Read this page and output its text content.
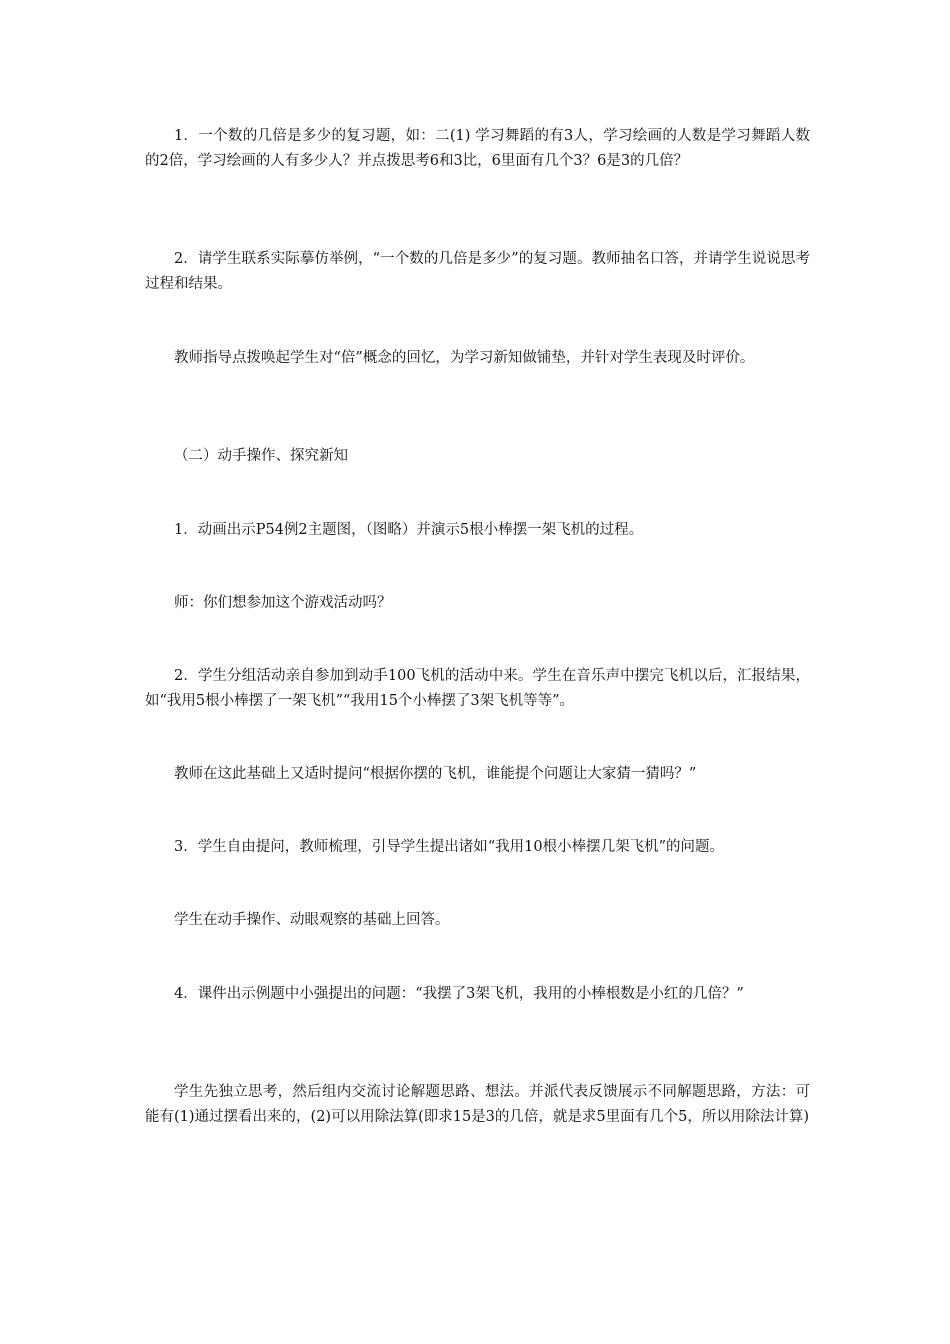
1．一个数的几倍是多少的复习题，如：二(1) 学习舞蹈的有3人，学习绘画的人数是学习舞蹈人数的2倍，学习绘画的人有多少人？并点拨思考6和3比，6里面有几个3？6是3的几倍？

2．请学生联系实际摹仿举例，“一个数的几倍是多少”的复习题。教师抽名口答，并请学生说说思考过程和结果。

教师指导点拨唤起学生对“倍”概念的回忆，为学习新知做铺垫，并针对学生表现及时评价。

（二）动手操作、探究新知

1．动画出示P54例2主题图，（图略）并演示5根小棒摆一架飞机的过程。

师：你们想参加这个游戏活动吗？

2．学生分组活动亲自参加到动手100飞机的活动中来。学生在音乐声中摆完飞机以后，汇报结果，如“我用5根小棒摆了一架飞机”“我用15个小棒摆了3架飞机等等”。

教师在这此基础上又适时提问“根据你摆的飞机，谁能提个问题让大家猜一猜吗？”

3．学生自由提问，教师梳理，引导学生提出诸如“我用10根小棒摆几架飞机”的问题。

学生在动手操作、动眼观察的基础上回答。

4．课件出示例题中小强提出的问题：“我摆了3架飞机，我用的小棒根数是小红的几倍？”

学生先独立思考，然后组内交流讨论解题思路、想法。并派代表反馈展示不同解题思路，方法：可能有(1)通过摆看出来的，(2)可以用除法算(即求15是3的几倍，就是求5里面有几个5，所以用除法计算)
